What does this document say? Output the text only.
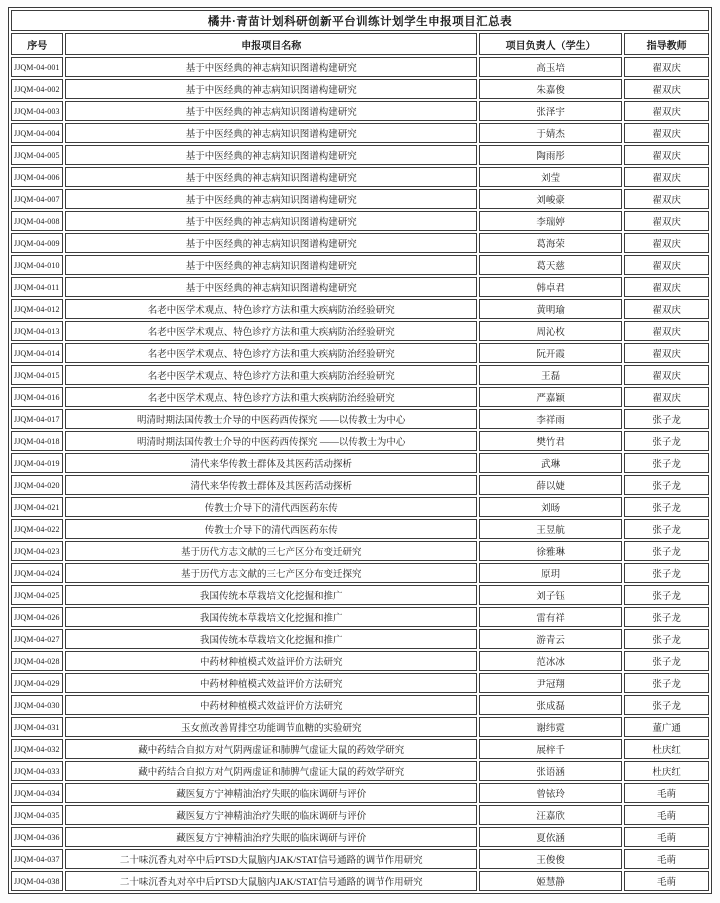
橘井·青苗计划科研创新平台训练计划学生申报项目汇总表			
序号	申报项目名称	项目负责人（学生）	指导教师
JJQM-04-001	基于中医经典的神志病知识图谱构建研究	高玉培	翟双庆
JJQM-04-002	基于中医经典的神志病知识图谱构建研究	朱嘉俊	翟双庆
JJQM-04-003	基于中医经典的神志病知识图谱构建研究	张泽宇	翟双庆
JJQM-04-004	基于中医经典的神志病知识图谱构建研究	于婧杰	翟双庆
JJQM-04-005	基于中医经典的神志病知识图谱构建研究	陶雨彤	翟双庆
JJQM-04-006	基于中医经典的神志病知识图谱构建研究	刘莹	翟双庆
JJQM-04-007	基于中医经典的神志病知识图谱构建研究	刘峻豪	翟双庆
JJQM-04-008	基于中医经典的神志病知识图谱构建研究	李瑞婷	翟双庆
JJQM-04-009	基于中医经典的神志病知识图谱构建研究	葛海荣	翟双庆
JJQM-04-010	基于中医经典的神志病知识图谱构建研究	葛天慈	翟双庆
JJQM-04-011	基于中医经典的神志病知识图谱构建研究	韩卓君	翟双庆
JJQM-04-012	名老中医学术观点、特色诊疗方法和重大疾病防治经验研究	黄明瑜	翟双庆
JJQM-04-013	名老中医学术观点、特色诊疗方法和重大疾病防治经验研究	周沁枚	翟双庆
JJQM-04-014	名老中医学术观点、特色诊疗方法和重大疾病防治经验研究	阮开霞	翟双庆
JJQM-04-015	名老中医学术观点、特色诊疗方法和重大疾病防治经验研究	王磊	翟双庆
JJQM-04-016	名老中医学术观点、特色诊疗方法和重大疾病防治经验研究	严嘉颖	翟双庆
JJQM-04-017	明清时期法国传教士介导的中医药西传探究 ——以传教士为中心	李祥雨	张子龙
JJQM-04-018	明清时期法国传教士介导的中医药西传探究 ——以传教士为中心	樊竹君	张子龙
JJQM-04-019	清代来华传教士群体及其医药活动探析	武琳	张子龙
JJQM-04-020	清代来华传教士群体及其医药活动探析	薛以婕	张子龙
JJQM-04-021	传教士介导下的清代西医药东传	刘旸	张子龙
JJQM-04-022	传教士介导下的清代西医药东传	王昱航	张子龙
JJQM-04-023	基于历代方志文献的三七产区分布变迁研究	徐雅琳	张子龙
JJQM-04-024	基于历代方志文献的三七产区分布变迁探究	原玥	张子龙
JJQM-04-025	我国传统本草栽培文化挖掘和推广	刘子钰	张子龙
JJQM-04-026	我国传统本草栽培文化挖掘和推广	雷有祥	张子龙
JJQM-04-027	我国传统本草栽培文化挖掘和推广	游青云	张子龙
JJQM-04-028	中药材种植模式效益评价方法研究	范冰冰	张子龙
JJQM-04-029	中药材种植模式效益评价方法研究	尹冠翔	张子龙
JJQM-04-030	中药材种植模式效益评价方法研究	张成磊	张子龙
JJQM-04-031	玉女煎改善胃排空功能调节血糖的实验研究	谢纬霓	董广通
JJQM-04-032	藏中药结合自拟方对气阴两虚证和肺脾气虚证大鼠的药效学研究	展梓千	杜庆红
JJQM-04-033	藏中药结合自拟方对气阴两虚证和肺脾气虚证大鼠的药效学研究	张语涵	杜庆红
JJQM-04-034	藏医复方宁神精油治疗失眠的临床调研与评价	曾铱玲	毛萌
JJQM-04-035	藏医复方宁神精油治疗失眠的临床调研与评价	汪嘉欣	毛萌
JJQM-04-036	藏医复方宁神精油治疗失眠的临床调研与评价	夏依涵	毛萌
JJQM-04-037	二十味沉香丸对卒中后PTSD大鼠脑内JAK/STAT信号通路的调节作用研究	王俊俊	毛萌
JJQM-04-038	二十味沉香丸对卒中后PTSD大鼠脑内JAK/STAT信号通路的调节作用研究	姬慧静	毛萌
